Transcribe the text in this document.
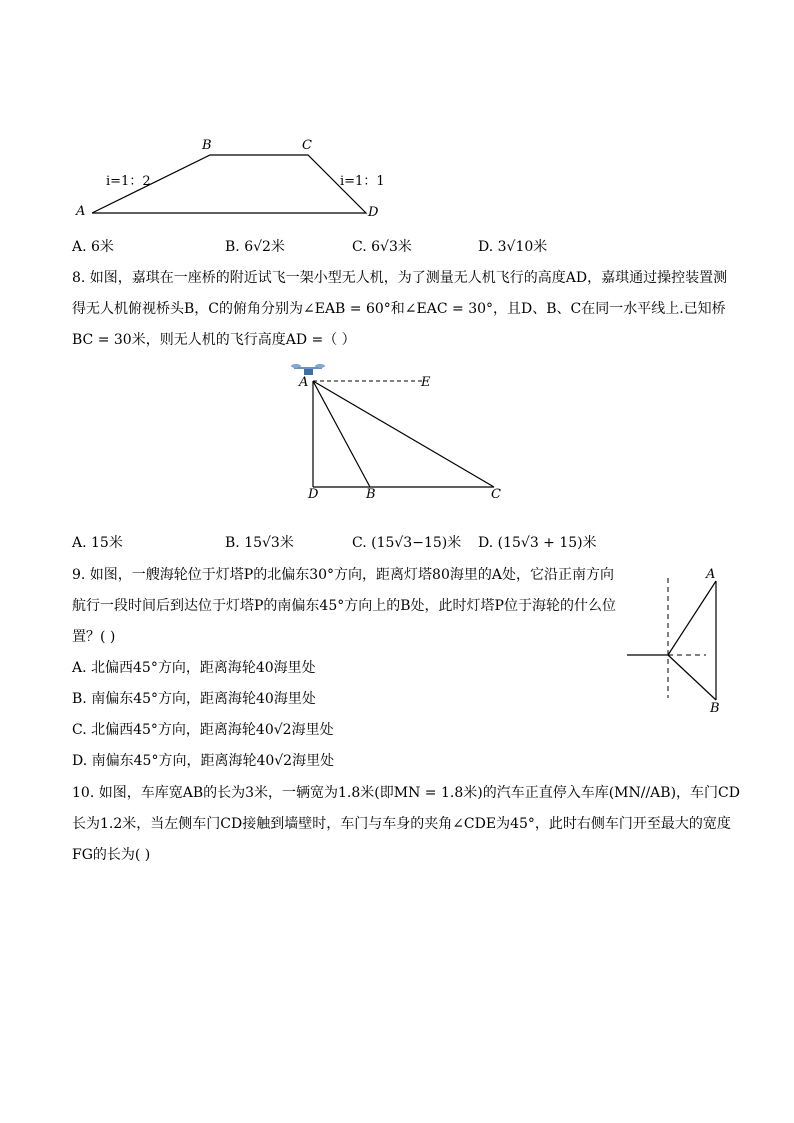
A
B	C
D
i=1：2	i=1：1
A. 6米	B. 6√2米	C. 6√3米	D. 3√10米
8. 如图，嘉琪在一座桥的附近试飞一架小型无人机，为了测量无人机飞行的高度AD，嘉琪通过操控装置测
得无人机俯视桥头B，C的俯角分别为∠EAB = 60°和∠EAC = 30°，且D、B、C在同一水平线上.已知桥
BC = 30米，则无人机的飞行高度AD =（ ）
A	E
D	B	C
A. 15米	B. 15√3米	C. (15√3−15)米 D. (15√3 + 15)米
9. 如图，一艘海轮位于灯塔P的北偏东30°方向，距离灯塔80海里的A处，它沿正南方向
航行一段时间后到达位于灯塔P的南偏东45°方向上的B处，此时灯塔P位于海轮的什么位
置？( )
A
B
A. 北偏西45°方向，距离海轮40海里处
B. 南偏东45°方向，距离海轮40海里处
C. 北偏西45°方向，距离海轮40√2海里处
D. 南偏东45°方向，距离海轮40√2海里处
10. 如图，车库宽AB的长为3米，一辆宽为1.8米(即MN = 1.8米)的汽车正直停入车库(MN//AB)，车门CD
长为1.2米，当左侧车门CD接触到墙壁时，车门与车身的夹角∠CDE为45°，此时右侧车门开至最大的宽度
FG的长为( )
